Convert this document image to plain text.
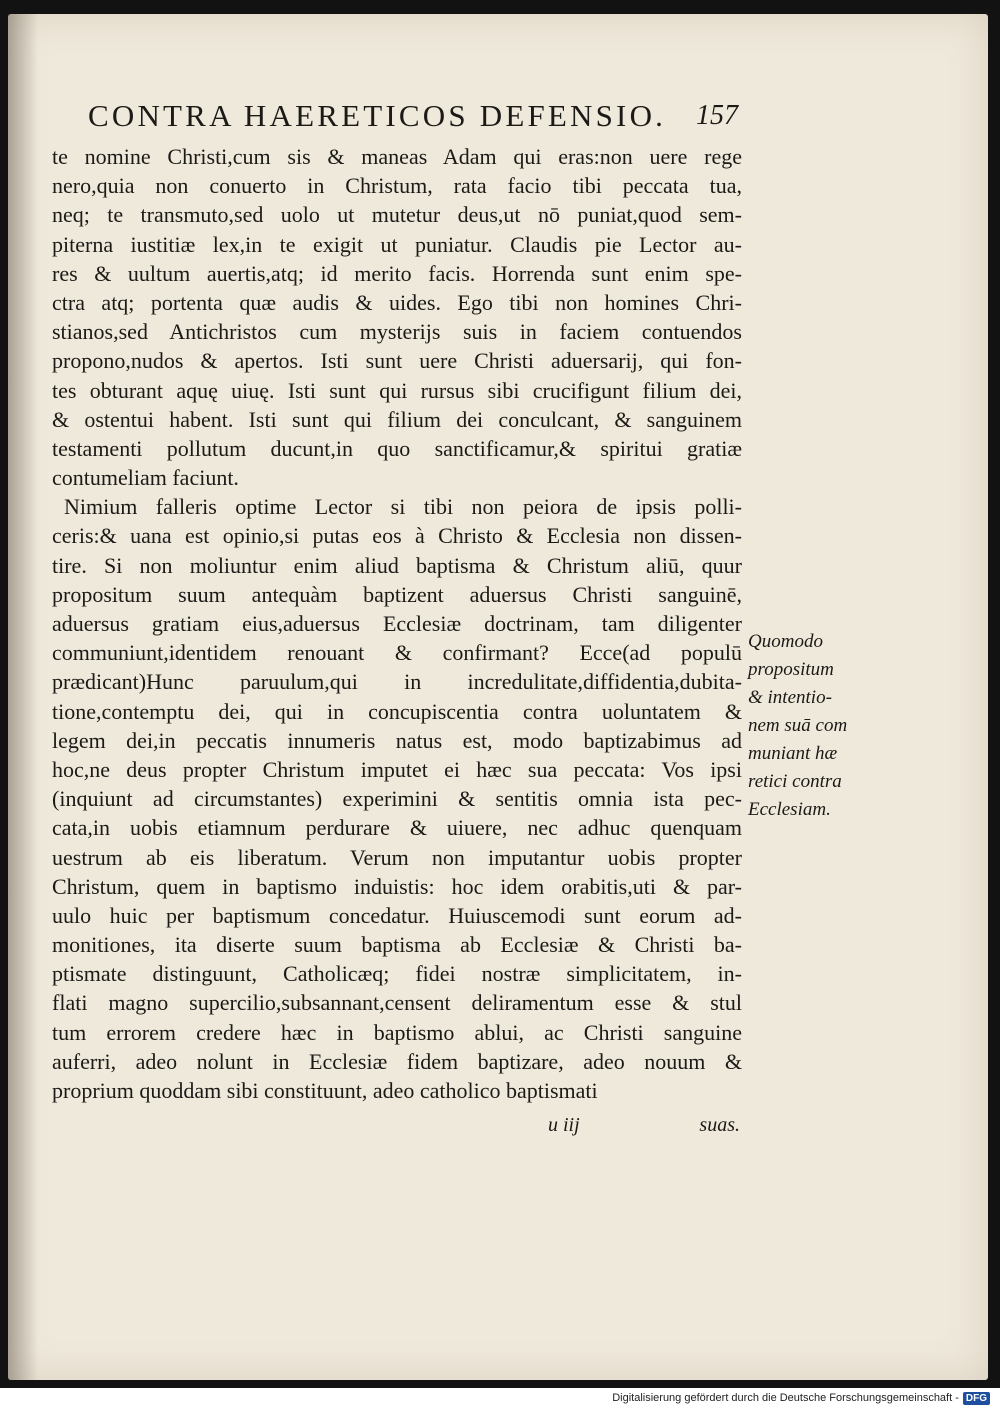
CONTRA HAERETICOS DEFENSIO. 157
te nomine Christi,cum sis & maneas Adam qui eras:non uere rege
nero,quia non conuerto in Christum, rata facio tibi peccata tua,
neq; te transmuto,sed uolo ut mutetur deus,ut nō puniat,quod sem-
piterna iustitiæ lex,in te exigit ut puniatur. Claudis pie Lector au-
res & uultum auertis,atq; id merito facis. Horrenda sunt enim spe-
ctra atq; portenta quæ audis & uides. Ego tibi non homines Chri-
stianos,sed Antichristos cum mysterijs suis in faciem contuendos
propono,nudos & apertos. Isti sunt uere Christi aduersarij, qui fon-
tes obturant aquę uiuę. Isti sunt qui rursus sibi crucifigunt filium dei,
& ostentui habent. Isti sunt qui filium dei conculcant, & sanguinem
testamenti pollutum ducunt,in quo sanctificamur,& spiritui gratiæ
contumeliam faciunt.
Nimium falleris optime Lector si tibi non peiora de ipsis polli-
ceris:& uana est opinio,si putas eos à Christo & Ecclesia non dissen-
tire. Si non moliuntur enim aliud baptisma & Christum aliū, quur
propositum suum antequàm baptizent aduersus Christi sanguinē,
aduersus gratiam eius,aduersus Ecclesiæ doctrinam, tam diligenter
communiunt,identidem renouant & confirmant? Ecce(ad populū
prædicant)Hunc paruulum,qui in incredulitate,diffidentia,dubita-
tione,contemptu dei, qui in concupiscentia contra uoluntatem &
legem dei,in peccatis innumeris natus est, modo baptizabimus ad
hoc,ne deus propter Christum imputet ei hæc sua peccata: Vos ipsi
(inquiunt ad circumstantes) experimini & sentitis omnia ista pec-
cata,in uobis etiamnum perdurare & uiuere, nec adhuc quenquam
uestrum ab eis liberatum. Verum non imputantur uobis propter
Christum, quem in baptismo induistis: hoc idem orabitis,uti & par-
uulo huic per baptismum concedatur. Huiuscemodi sunt eorum ad-
monitiones, ita diserte suum baptisma ab Ecclesiæ & Christi ba-
ptismate distinguunt, Catholicæq; fidei nostræ simplicitatem, in-
flati magno supercilio,subsannant,censent deliramentum esse & stul
tum errorem credere hæc in baptismo ablui, ac Christi sanguine
auferri, adeo nolunt in Ecclesiæ fidem baptizare, adeo nouum &
proprium quoddam sibi constituunt, adeo catholico baptismati
Quomodo
propositum
& intentio-
nem suā com
muniant hæ
retici contra
Ecclesiam.
u iij	suas.
Digitalisierung gefördert durch die Deutsche Forschungsgemeinschaft - DFG
